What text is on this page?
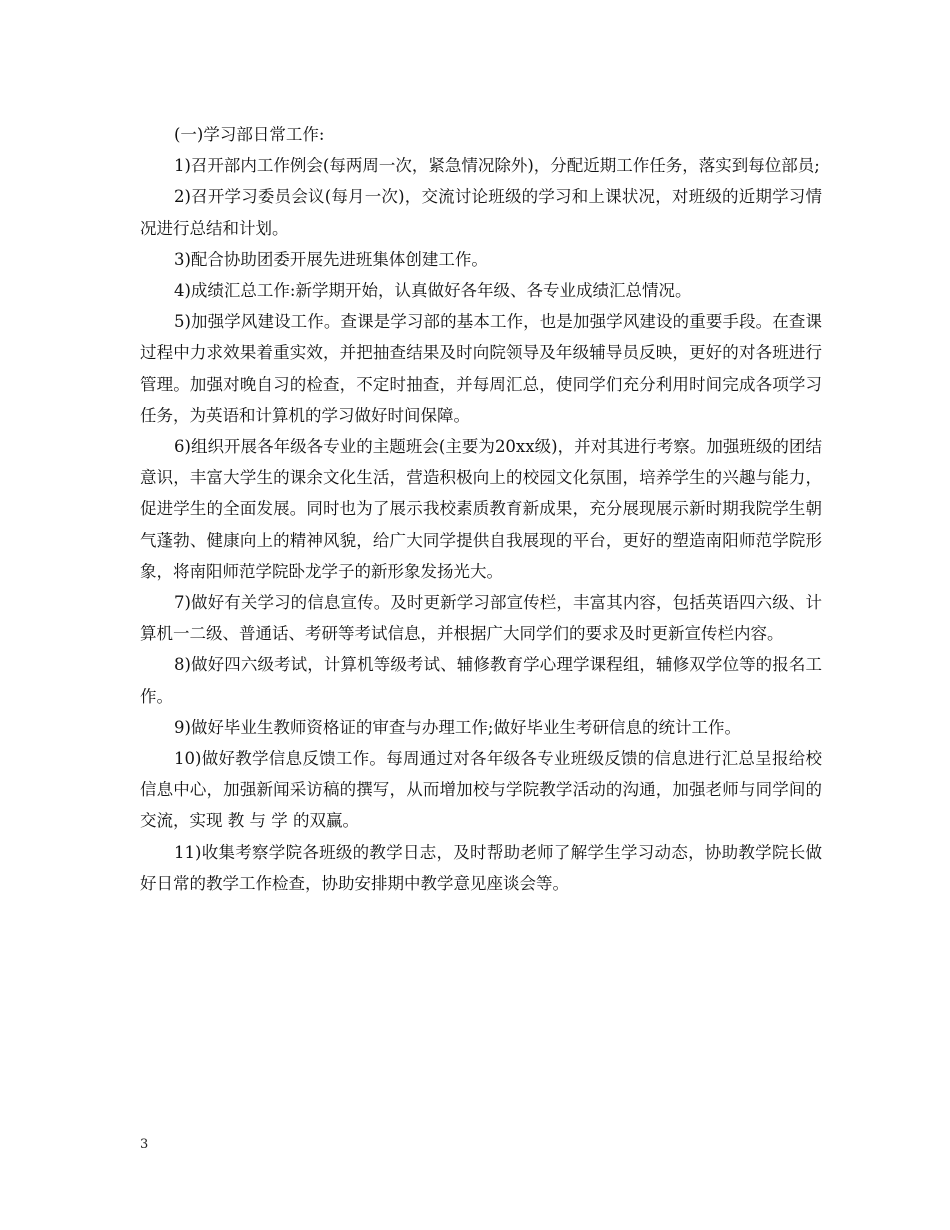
(一)学习部日常工作:

1)召开部内工作例会(每两周一次，紧急情况除外)，分配近期工作任务，落实到每位部员;

2)召开学习委员会议(每月一次)，交流讨论班级的学习和上课状况，对班级的近期学习情况进行总结和计划。

3)配合协助团委开展先进班集体创建工作。

4)成绩汇总工作:新学期开始，认真做好各年级、各专业成绩汇总情况。

5)加强学风建设工作。查课是学习部的基本工作，也是加强学风建设的重要手段。在查课过程中力求效果着重实效，并把抽查结果及时向院领导及年级辅导员反映，更好的对各班进行管理。加强对晚自习的检查，不定时抽查，并每周汇总，使同学们充分利用时间完成各项学习任务，为英语和计算机的学习做好时间保障。

6)组织开展各年级各专业的主题班会(主要为20xx级)，并对其进行考察。加强班级的团结意识，丰富大学生的课余文化生活，营造积极向上的校园文化氛围，培养学生的兴趣与能力，促进学生的全面发展。同时也为了展示我校素质教育新成果，充分展现展示新时期我院学生朝气蓬勃、健康向上的精神风貌，给广大同学提供自我展现的平台，更好的塑造南阳师范学院形象，将南阳师范学院卧龙学子的新形象发扬光大。

7)做好有关学习的信息宣传。及时更新学习部宣传栏，丰富其内容，包括英语四六级、计算机一二级、普通话、考研等考试信息，并根据广大同学们的要求及时更新宣传栏内容。

8)做好四六级考试，计算机等级考试、辅修教育学心理学课程组，辅修双学位等的报名工作。

9)做好毕业生教师资格证的审查与办理工作;做好毕业生考研信息的统计工作。

10)做好教学信息反馈工作。每周通过对各年级各专业班级反馈的信息进行汇总呈报给校信息中心，加强新闻采访稿的撰写，从而增加校与学院教学活动的沟通，加强老师与同学间的交流，实现 教 与 学 的双赢。

11)收集考察学院各班级的教学日志，及时帮助老师了解学生学习动态，协助教学院长做好日常的教学工作检查，协助安排期中教学意见座谈会等。

3
